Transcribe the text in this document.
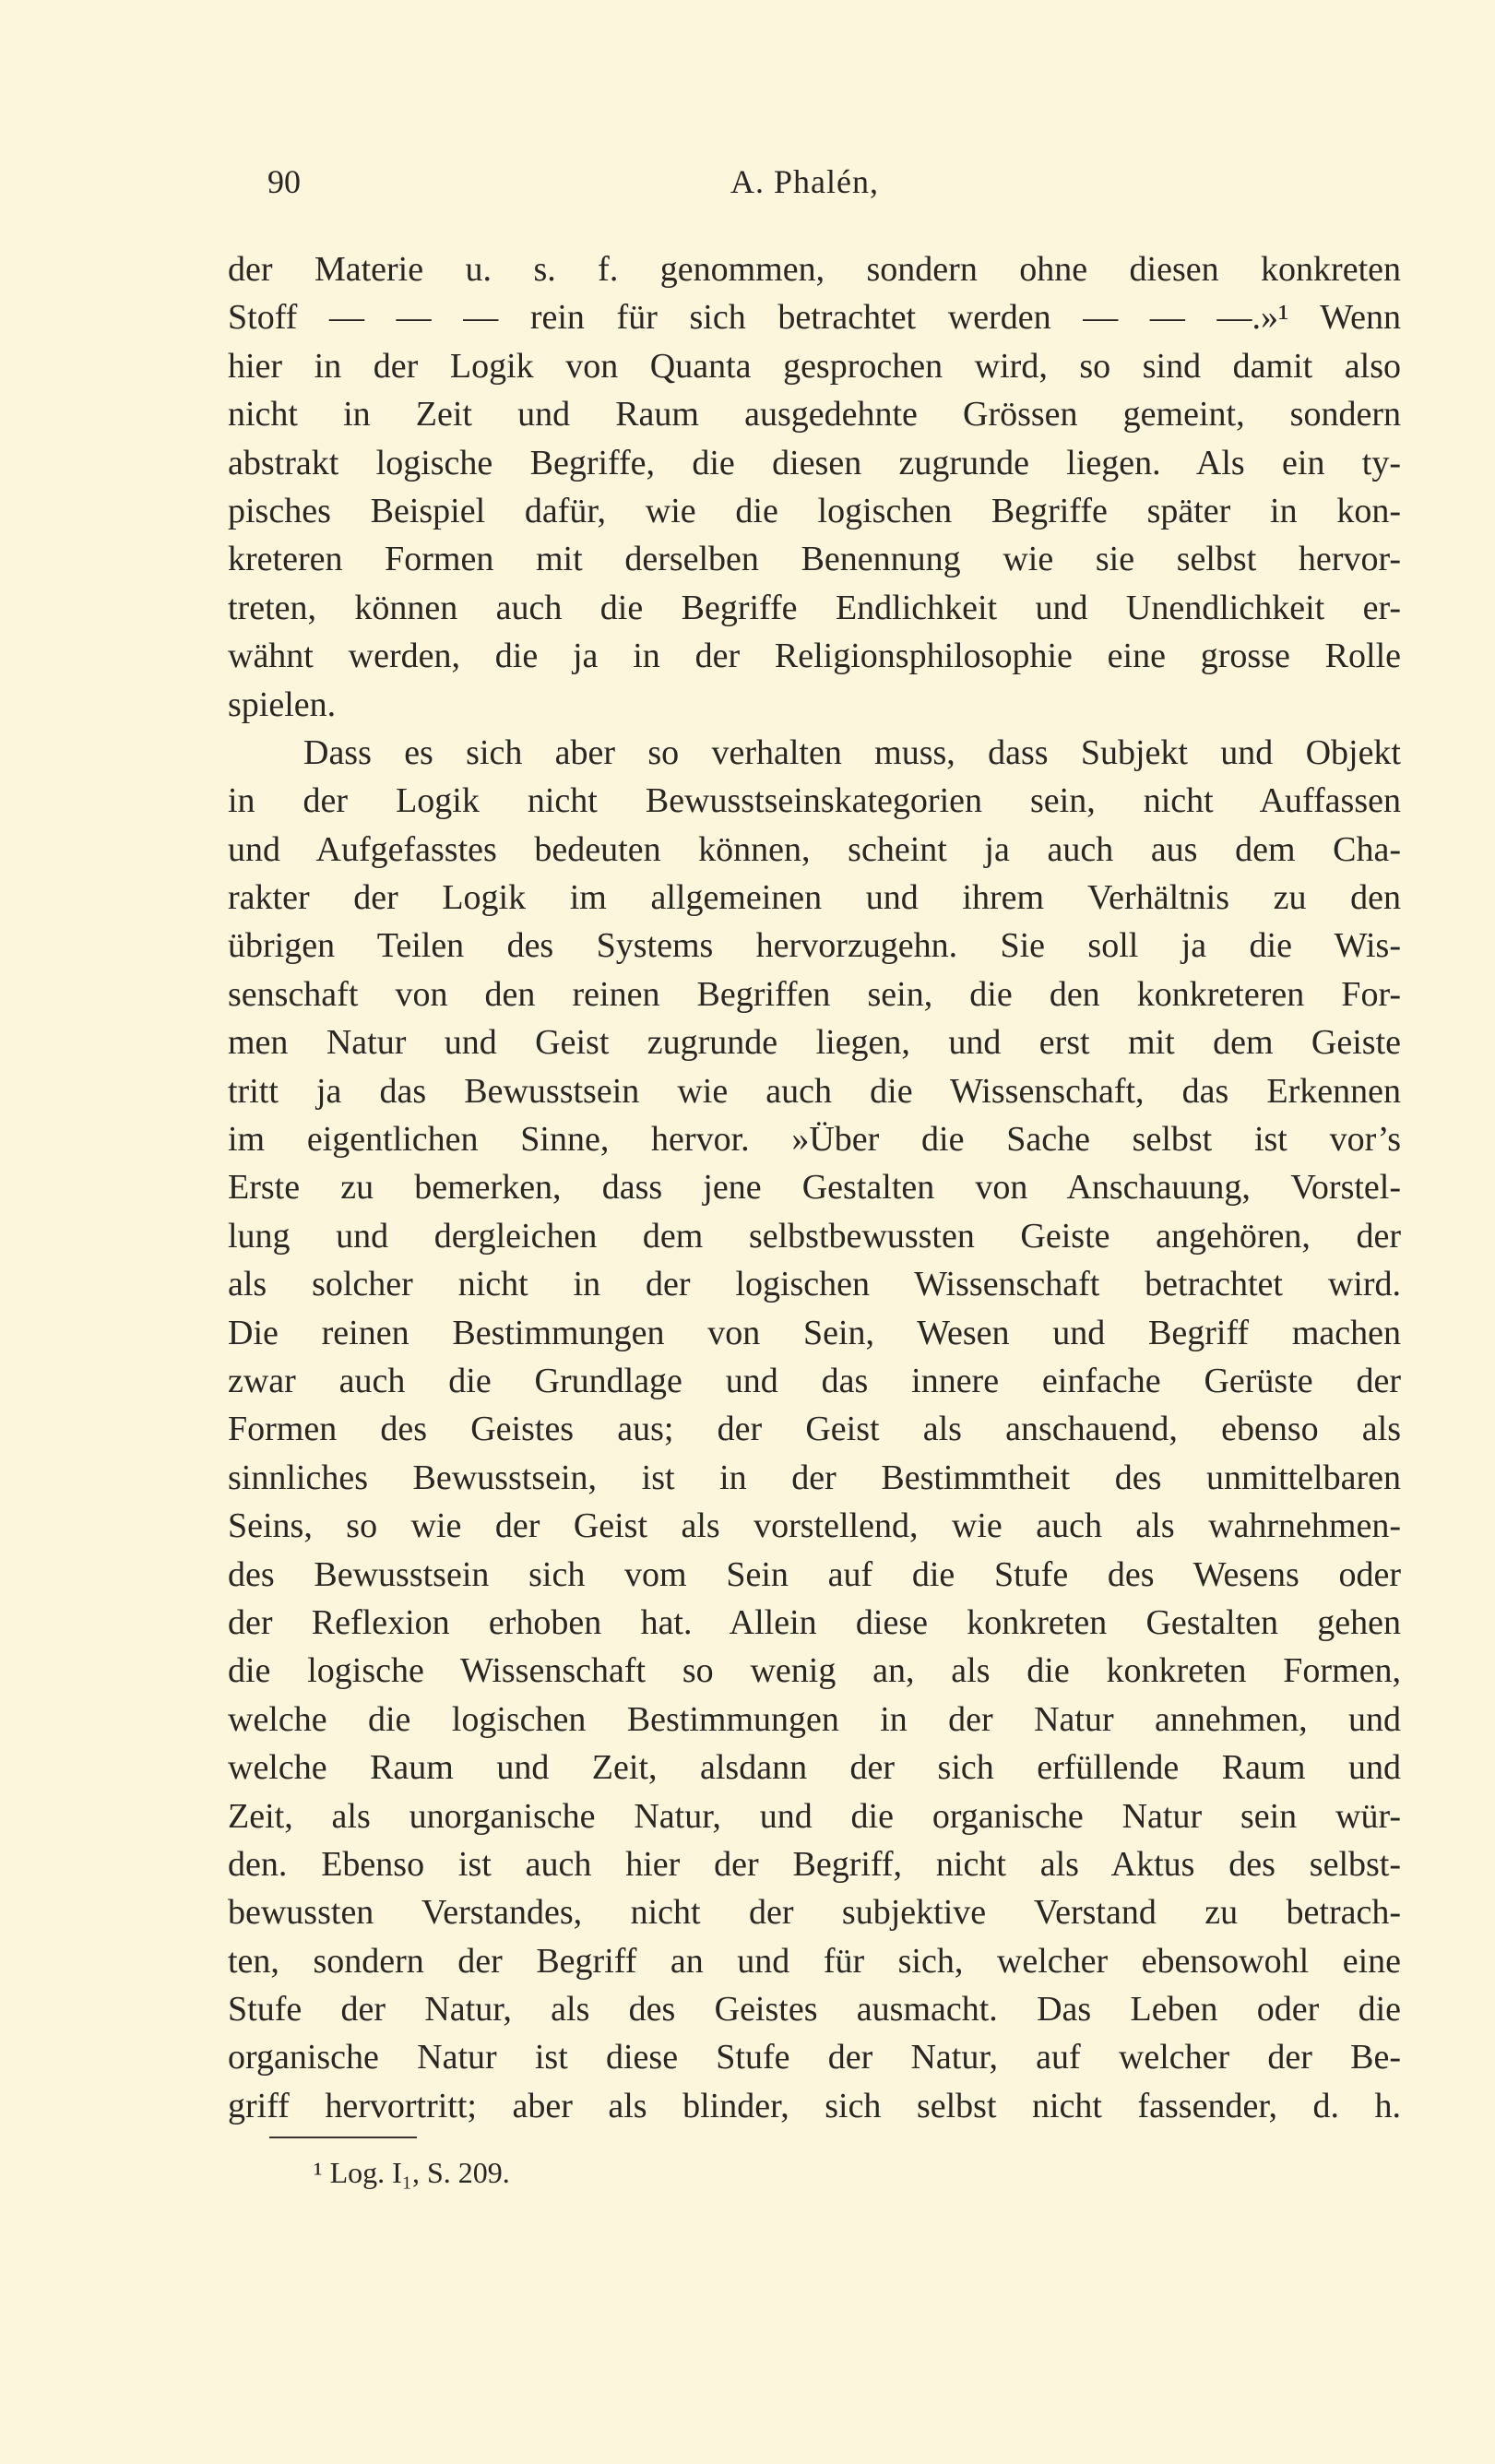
90	A. Phalén,
der Materie u. s. f. genommen, sondern ohne diesen konkreten
Stoff — — — rein für sich betrachtet werden — — —.»¹ Wenn
hier in der Logik von Quanta gesprochen wird, so sind damit also
nicht in Zeit und Raum ausgedehnte Grössen gemeint, sondern
abstrakt logische Begriffe, die diesen zugrunde liegen. Als ein ty-
pisches Beispiel dafür, wie die logischen Begriffe später in kon-
kreteren Formen mit derselben Benennung wie sie selbst hervor-
treten, können auch die Begriffe Endlichkeit und Unendlichkeit er-
wähnt werden, die ja in der Religionsphilosophie eine grosse Rolle
spielen.
Dass es sich aber so verhalten muss, dass Subjekt und Objekt
in der Logik nicht Bewusstseinskategorien sein, nicht Auffassen
und Aufgefasstes bedeuten können, scheint ja auch aus dem Cha-
rakter der Logik im allgemeinen und ihrem Verhältnis zu den
übrigen Teilen des Systems hervorzugehn. Sie soll ja die Wis-
senschaft von den reinen Begriffen sein, die den konkreteren For-
men Natur und Geist zugrunde liegen, und erst mit dem Geiste
tritt ja das Bewusstsein wie auch die Wissenschaft, das Erkennen
im eigentlichen Sinne, hervor. »Über die Sache selbst ist vor’s
Erste zu bemerken, dass jene Gestalten von Anschauung, Vorstel-
lung und dergleichen dem selbstbewussten Geiste angehören, der
als solcher nicht in der logischen Wissenschaft betrachtet wird.
Die reinen Bestimmungen von Sein, Wesen und Begriff machen
zwar auch die Grundlage und das innere einfache Gerüste der
Formen des Geistes aus; der Geist als anschauend, ebenso als
sinnliches Bewusstsein, ist in der Bestimmtheit des unmittelbaren
Seins, so wie der Geist als vorstellend, wie auch als wahrnehmen-
des Bewusstsein sich vom Sein auf die Stufe des Wesens oder
der Reflexion erhoben hat. Allein diese konkreten Gestalten gehen
die logische Wissenschaft so wenig an, als die konkreten Formen,
welche die logischen Bestimmungen in der Natur annehmen, und
welche Raum und Zeit, alsdann der sich erfüllende Raum und
Zeit, als unorganische Natur, und die organische Natur sein wür-
den. Ebenso ist auch hier der Begriff, nicht als Aktus des selbst-
bewussten Verstandes, nicht der subjektive Verstand zu betrach-
ten, sondern der Begriff an und für sich, welcher ebensowohl eine
Stufe der Natur, als des Geistes ausmacht. Das Leben oder die
organische Natur ist diese Stufe der Natur, auf welcher der Be-
griff hervortritt; aber als blinder, sich selbst nicht fassender, d. h.
¹ Log. I₁, S. 209.
